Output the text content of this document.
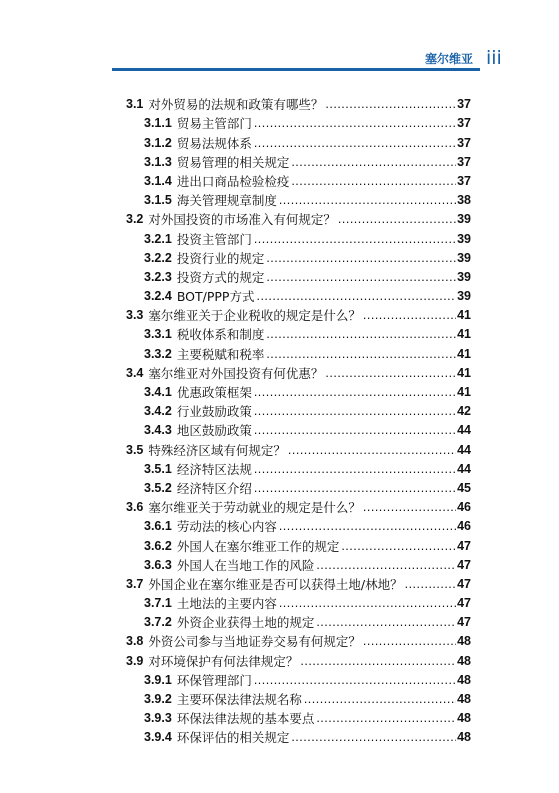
塞尔维亚 iii
3.1 对外贸易的法规和政策有哪些？ .....	37
3.1.1 贸易主管部门 .....	37
3.1.2 贸易法规体系 .....	37
3.1.3 贸易管理的相关规定 .....	37
3.1.4 进出口商品检验检疫 .....	37
3.1.5 海关管理规章制度 .....	38
3.2 对外国投资的市场准入有何规定？ .....	39
3.2.1 投资主管部门 .....	39
3.2.2 投资行业的规定 .....	39
3.2.3 投资方式的规定 .....	39
3.2.4 BOT/PPP方式 .....	39
3.3 塞尔维亚关于企业税收的规定是什么？ .....	41
3.3.1 税收体系和制度 .....	41
3.3.2 主要税赋和税率 .....	41
3.4 塞尔维亚对外国投资有何优惠？ .....	41
3.4.1 优惠政策框架 .....	41
3.4.2 行业鼓励政策 .....	42
3.4.3 地区鼓励政策 .....	44
3.5 特殊经济区域有何规定？ .....	44
3.5.1 经济特区法规 .....	44
3.5.2 经济特区介绍 .....	45
3.6 塞尔维亚关于劳动就业的规定是什么？ .....	46
3.6.1 劳动法的核心内容 .....	46
3.6.2 外国人在塞尔维亚工作的规定 .....	47
3.6.3 外国人在当地工作的风险 .....	47
3.7 外国企业在塞尔维亚是否可以获得土地/林地？ .....	47
3.7.1 土地法的主要内容 .....	47
3.7.2 外资企业获得土地的规定 .....	47
3.8 外资公司参与当地证券交易有何规定？ .....	48
3.9 对环境保护有何法律规定？ .....	48
3.9.1 环保管理部门 .....	48
3.9.2 主要环保法律法规名称 .....	48
3.9.3 环保法律法规的基本要点 .....	48
3.9.4 环保评估的相关规定 .....	48
